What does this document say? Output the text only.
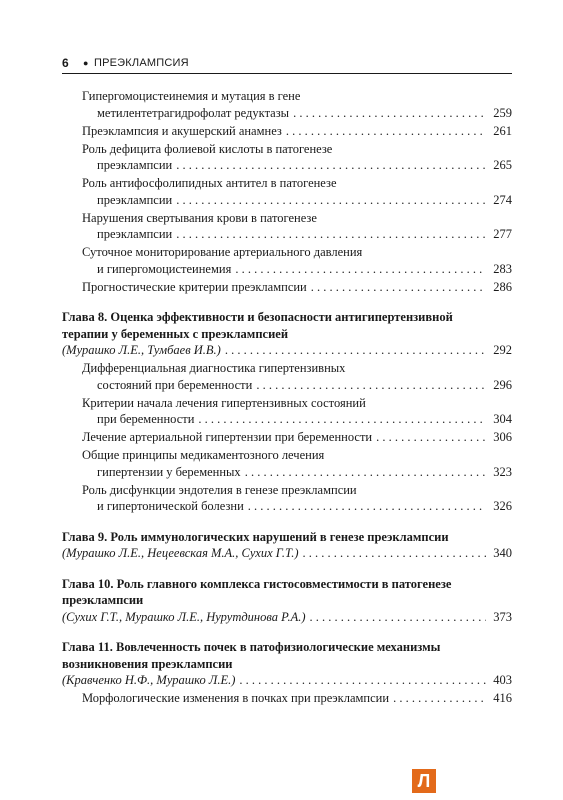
6 ● ПРЕЭКЛАМПСИЯ
Гипергомоцистеинемия и мутация в гене
метилентетрагидрофолат редуктазы . . .	259
Преэклампсия и акушерский анамнез . . .	261
Роль дефицита фолиевой кислоты в патогенезе
преэклампсии . . .	265
Роль антифосфолипидных антител в патогенезе
преэклампсии . . .	274
Нарушения свертывания крови в патогенезе
преэклампсии . . .	277
Суточное мониторирование артериального давления
и гипергомоцистеинемия . . .	283
Прогностические критерии преэклампсии . . .	286
Глава 8. Оценка эффективности и безопасности антигипертензивной
терапии у беременных с преэклампсией
(Мурашко Л.Е., Тумбаев И.В.) . . .	292
Дифференциальная диагностика гипертензивных
состояний при беременности . . .	296
Критерии начала лечения гипертензивных состояний
при беременности . . .	304
Лечение артериальной гипертензии при беременности . . .	306
Общие принципы медикаментозного лечения
гипертензии у беременных . . .	323
Роль дисфункции эндотелия в генезе преэклампсии
и гипертонической болезни . . .	326
Глава 9. Роль иммунологических нарушений в генезе преэклампсии
(Мурашко Л.Е., Нецеевская М.А., Сухих Г.Т.) . . .	340
Глава 10. Роль главного комплекса гистосовместимости в патогенезе
преэклампсии
(Сухих Г.Т., Мурашко Л.Е., Нурутдинова Р.А.) . . .	373
Глава 11. Вовлеченность почек в патофизиологические механизмы
возникновения преэклампсии
(Кравченко Н.Ф., Мурашко Л.Е.) . . .	403
Морфологические изменения в почках при преэклампсии . . .	416
Л
